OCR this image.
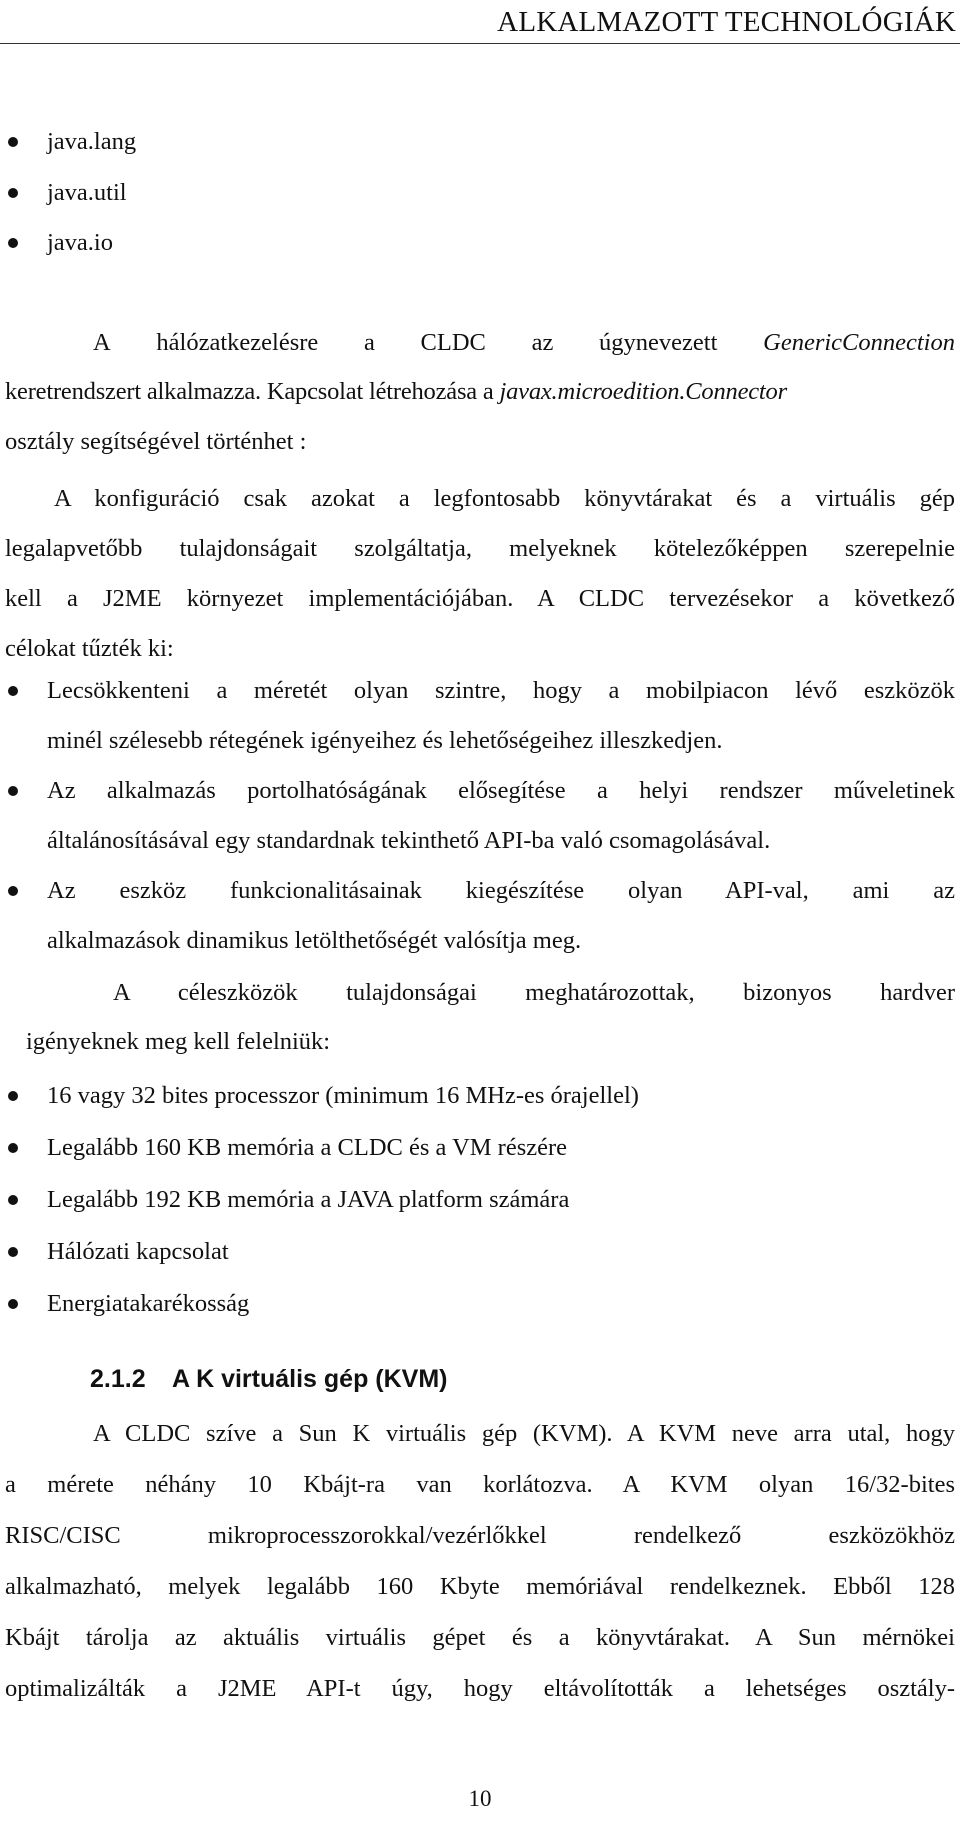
ALKALMAZOTT TECHNOLÓGIÁK
java.lang
java.util
java.io
A hálózatkezelésre a CLDC az úgynevezett GenericConnection
keretrendszert alkalmazza. Kapcsolat létrehozása a javax.microedition.Connector
osztály segítségével történhet :
A konfiguráció csak azokat a legfontosabb könyvtárakat és a virtuális gép
legalapvetőbb tulajdonságait szolgáltatja, melyeknek kötelezőképpen szerepelnie
kell a J2ME környezet implementációjában. A CLDC tervezésekor a következő
célokat tűzték ki:
Lecsökkenteni a méretét olyan szintre, hogy a mobilpiacon lévő eszközök
minél szélesebb rétegének igényeihez és lehetőségeihez illeszkedjen.
Az alkalmazás portolhatóságának elősegítése a helyi rendszer műveletinek
általánosításával egy standardnak tekinthető API-ba való csomagolásával.
Az eszköz funkcionalitásainak kiegészítése olyan API-val, ami az
alkalmazások dinamikus letölthetőségét valósítja meg.
A céleszközök tulajdonságai meghatározottak, bizonyos hardver
igényeknek meg kell felelniük:
16 vagy 32 bites processzor (minimum 16 MHz-es órajellel)
Legalább 160 KB memória a CLDC és a VM részére
Legalább 192 KB memória a JAVA platform számára
Hálózati kapcsolat
Energiatakarékosság
2.1.2 A K virtuális gép (KVM)
A CLDC szíve a Sun K virtuális gép (KVM). A KVM neve arra utal, hogy
a mérete néhány 10 Kbájt-ra van korlátozva. A KVM olyan 16/32-bites
RISC/CISC mikroprocesszorokkal/vezérlőkkel rendelkező eszközökhöz
alkalmazható, melyek legalább 160 Kbyte memóriával rendelkeznek. Ebből 128
Kbájt tárolja az aktuális virtuális gépet és a könyvtárakat. A Sun mérnökei
optimalizálták a J2ME API-t úgy, hogy eltávolították a lehetséges osztály-
10
